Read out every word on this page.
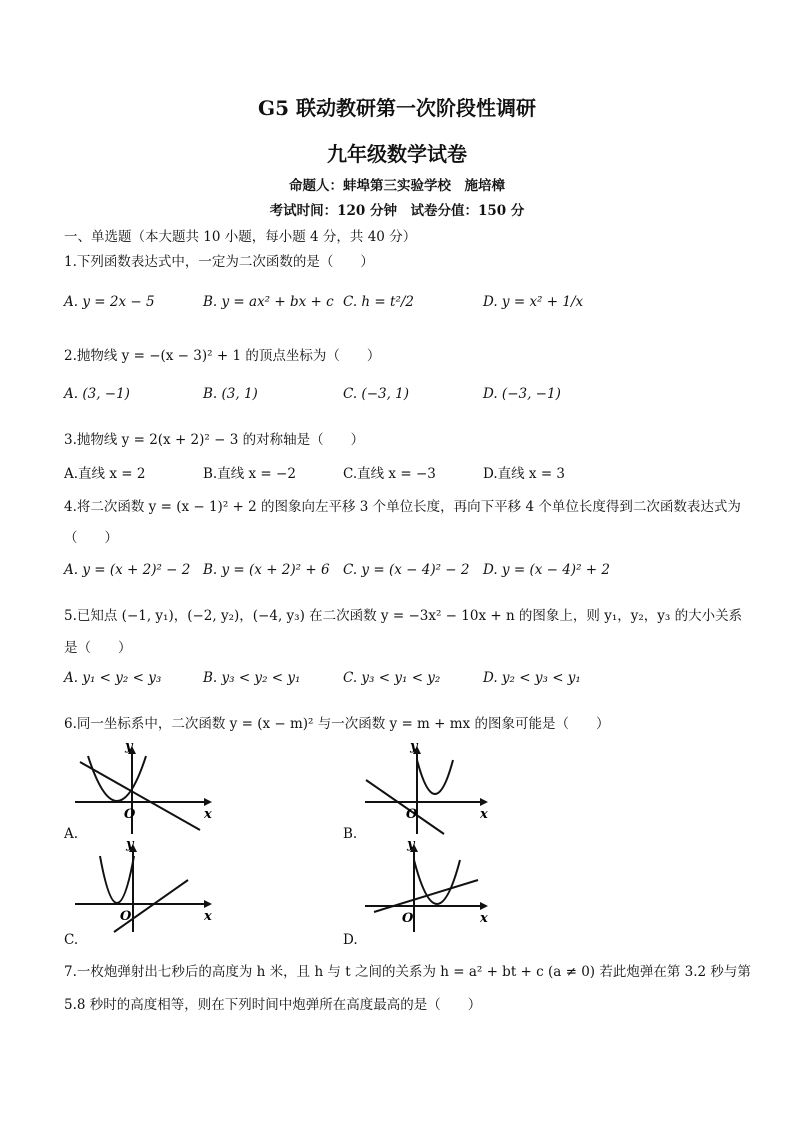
G5 联动教研第一次阶段性调研
九年级数学试卷
命题人：蚌埠第三实验学校　施培樟
考试时间：120 分钟　试卷分值：150 分
一、单选题（本大题共 10 小题，每小题 4 分，共 40 分）
1.下列函数表达式中，一定为二次函数的是（　　）
A. y = 2x − 5	B. y = ax² + bx + c C. h = t²/2	D. y = x² + 1/x
2.抛物线 y = −(x − 3)² + 1 的顶点坐标为（　　）
A. (3, −1)	B. (3, 1)	C. (−3, 1)	D. (−3, −1)
3.抛物线 y = 2(x + 2)² − 3 的对称轴是（　　）
A.直线 x = 2	B.直线 x = −2	C.直线 x = −3	D.直线 x = 3
4.将二次函数 y = (x − 1)² + 2 的图象向左平移 3 个单位长度，再向下平移 4 个单位长度得到二次函数表达式为
（　　）
A. y = (x + 2)² − 2 B. y = (x + 2)² + 6 C. y = (x − 4)² − 2 D. y = (x − 4)² + 2
5.已知点 (−1, y₁)，(−2, y₂)，(−4, y₃) 在二次函数 y = −3x² − 10x + n 的图象上，则 y₁，y₂，y₃ 的大小关系
是（　　）
A. y₁ < y₂ < y₃	B. y₃ < y₂ < y₁	C. y₃ < y₁ < y₂	D. y₂ < y₃ < y₁
6.同一坐标系中，二次函数 y = (x − m)² 与一次函数 y = m + mx 的图象可能是（　　）
y
x
O
A.
y
x
O
B.
y
x
O
C.
y
x
O
D.
7.一枚炮弹射出七秒后的高度为 h 米，且 h 与 t 之间的关系为 h = a² + bt + c (a ≠ 0) 若此炮弹在第 3.2 秒与第
5.8 秒时的高度相等，则在下列时间中炮弹所在高度最高的是（　　）
